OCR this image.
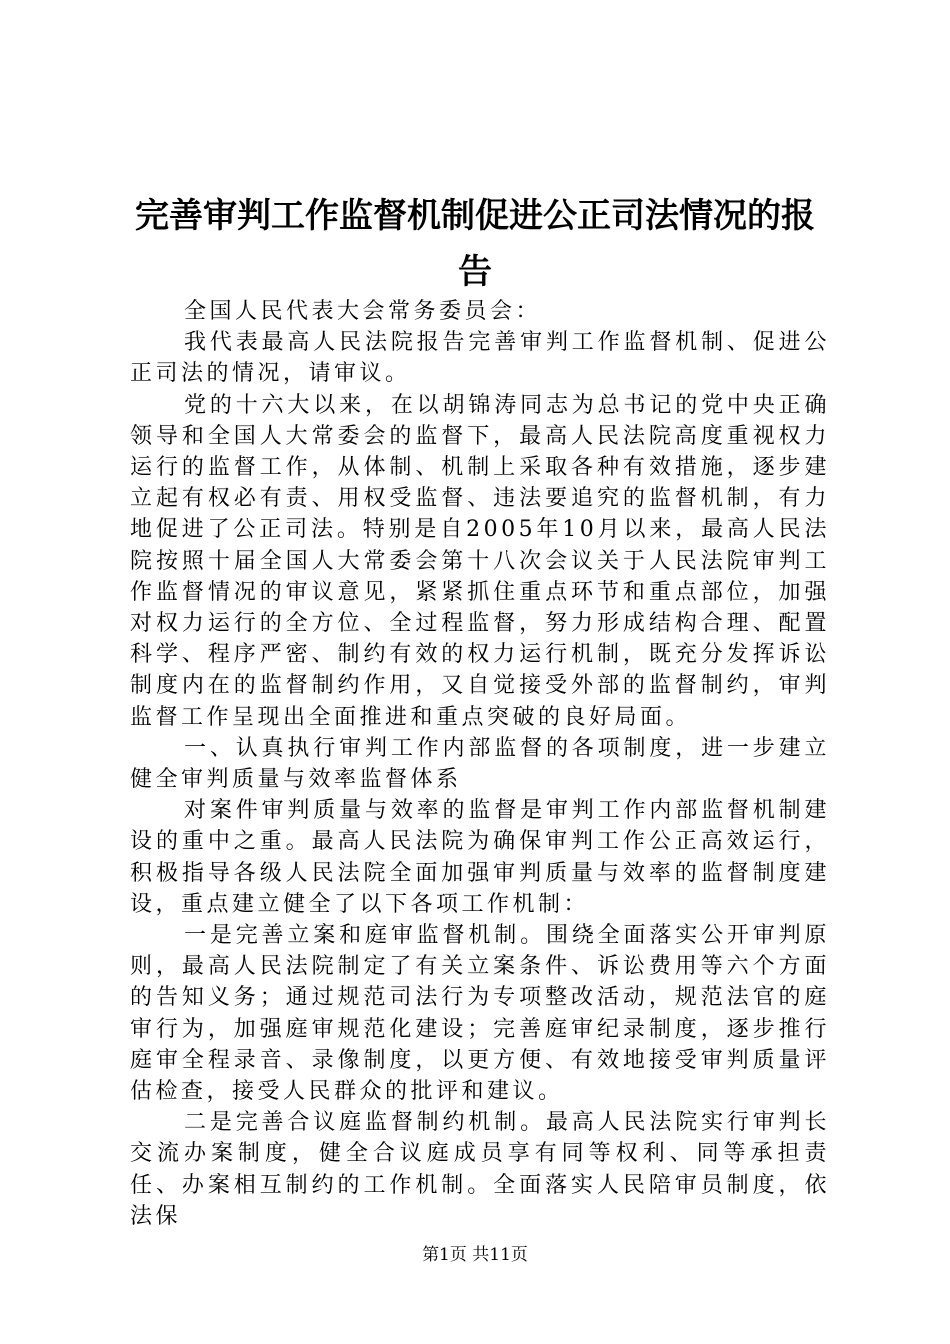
完善审判工作监督机制促进公正司法情况的报
告

全国人民代表大会常务委员会：

我代表最高人民法院报告完善审判工作监督机制、促进公正司法的情况，请审议。

党的十六大以来，在以胡锦涛同志为总书记的党中央正确领导和全国人大常委会的监督下，最高人民法院高度重视权力运行的监督工作，从体制、机制上采取各种有效措施，逐步建立起有权必有责、用权受监督、违法要追究的监督机制，有力地促进了公正司法。特别是自2005年10月以来，最高人民法院按照十届全国人大常委会第十八次会议关于人民法院审判工作监督情况的审议意见，紧紧抓住重点环节和重点部位，加强对权力运行的全方位、全过程监督，努力形成结构合理、配置科学、程序严密、制约有效的权力运行机制，既充分发挥诉讼制度内在的监督制约作用，又自觉接受外部的监督制约，审判监督工作呈现出全面推进和重点突破的良好局面。

一、认真执行审判工作内部监督的各项制度，进一步建立健全审判质量与效率监督体系

对案件审判质量与效率的监督是审判工作内部监督机制建设的重中之重。最高人民法院为确保审判工作公正高效运行，积极指导各级人民法院全面加强审判质量与效率的监督制度建设，重点建立健全了以下各项工作机制：

一是完善立案和庭审监督机制。围绕全面落实公开审判原则，最高人民法院制定了有关立案条件、诉讼费用等六个方面的告知义务；通过规范司法行为专项整改活动，规范法官的庭审行为，加强庭审规范化建设；完善庭审纪录制度，逐步推行庭审全程录音、录像制度，以更方便、有效地接受审判质量评估检查，接受人民群众的批评和建议。

二是完善合议庭监督制约机制。最高人民法院实行审判长交流办案制度，健全合议庭成员享有同等权利、同等承担责任、办案相互制约的工作机制。全面落实人民陪审员制度，依法保

第1页 共11页
